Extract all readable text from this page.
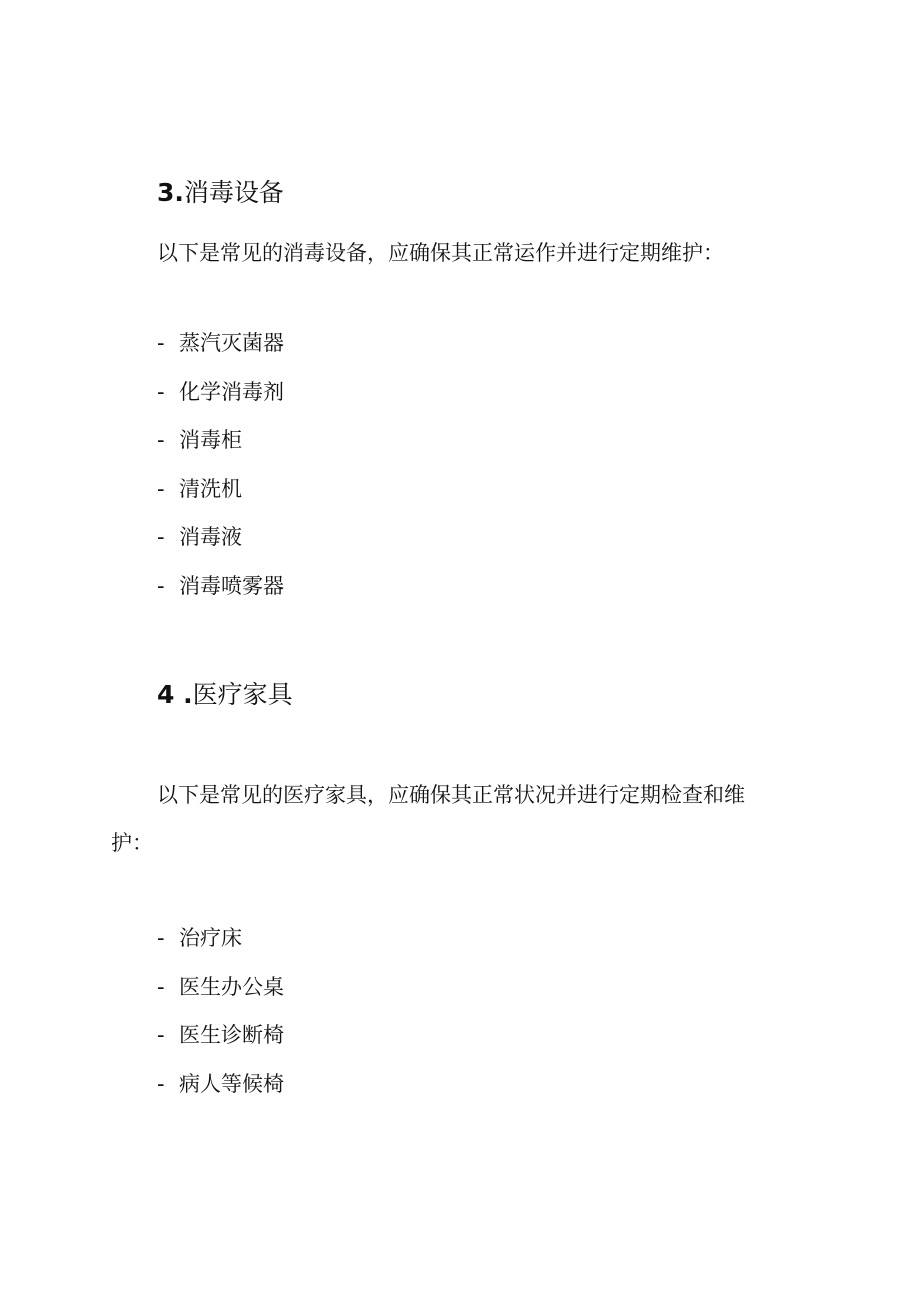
3.消毒设备

以下是常见的消毒设备，应确保其正常运作并进行定期维护：

- 蒸汽灭菌器
- 化学消毒剂
- 消毒柜
- 清洗机
- 消毒液
- 消毒喷雾器
4 .医疗家具

以下是常见的医疗家具，应确保其正常状况并进行定期检查和维

护：

- 治疗床
- 医生办公桌
- 医生诊断椅
- 病人等候椅
